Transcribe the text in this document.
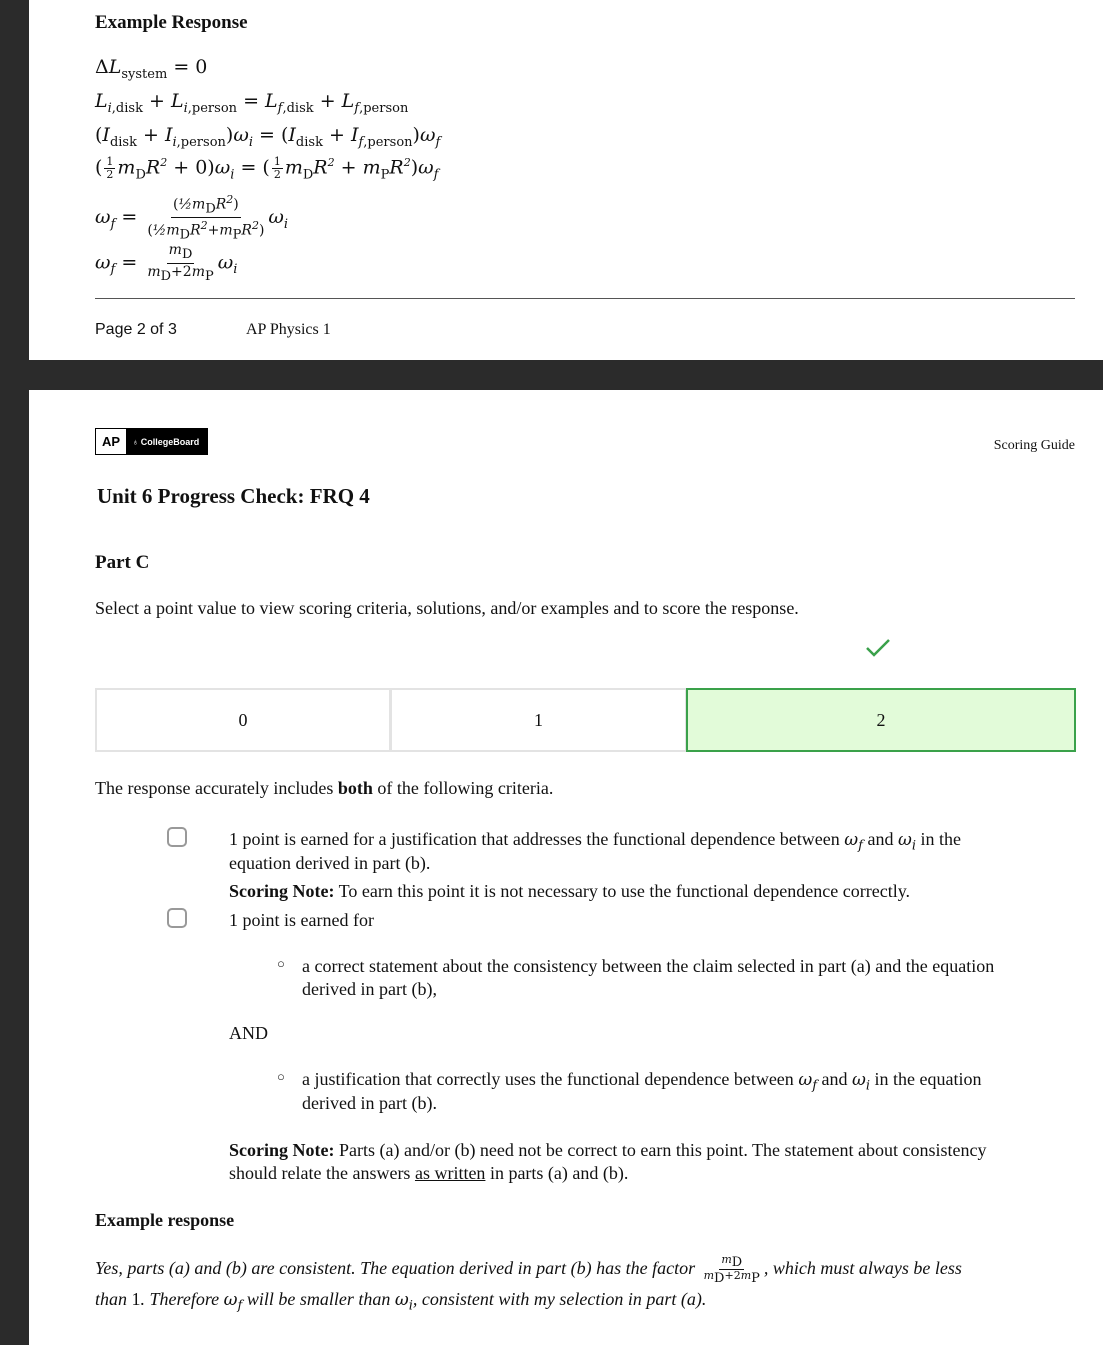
Example Response
$\Delta L_{system} = 0$
$L_{i,disk} + L_{i,person} = L_{f,disk} + L_{f,person}$
$(I_{disk} + I_{i,person})\omega_i = (I_{disk} + I_{f,person})\omega_f$
( $\frac{1}{2} m_DR^2 + 0)\omega_i$ = ( $\frac{1}{2} m_DR^2 + m_PR^2)\omega_f$
$\omega_f = \frac{(\frac{1}{2}m_DR^2)}{(\frac{1}{2}m_DR^2+m_PR^2)} \omega_i$
$\omega_f = \frac{m_D}{m_D+2m_P} \omega_i$
Page 2 of 3	AP Physics 1
AP	♁ CollegeBoard	Scoring Guide
Unit 6 Progress Check: FRQ 4
Part C
Select a point value to view scoring criteria, solutions, and/or examples and to score the response.
0	1	2
The response accurately includes both of the following criteria.
1 point is earned for a justification that addresses the functional dependence between $\omega_f$ and $\omega_i$ in the
equation derived in part (b).
Scoring Note: To earn this point it is not necessary to use the functional dependence correctly.
1 point is earned for
○ a correct statement about the consistency between the claim selected in part (a) and the equation
derived in part (b),
AND
○ a justification that correctly uses the functional dependence between $\omega_f$ and $\omega_i$ in the equation
derived in part (b).
Scoring Note: Parts (a) and/or (b) need not be correct to earn this point. The statement about consistency
should relate the answers as written in parts (a) and (b).
Example response
Yes, parts (a) and (b) are consistent. The equation derived in part (b) has the factor $\frac{m_D}{m_D+2m_P}$ , which must always be less
than 1. Therefore $\omega_f$ will be smaller than $\omega_i$, consistent with my selection in part (a).
